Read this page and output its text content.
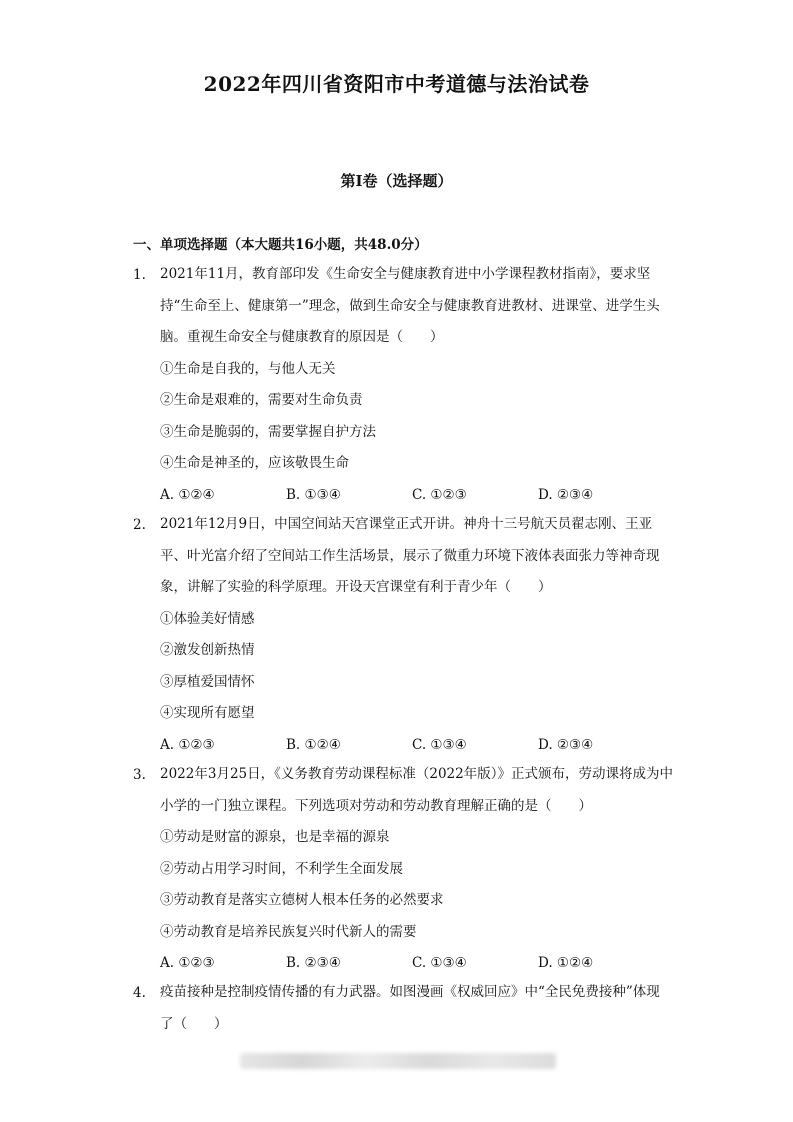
2022年四川省资阳市中考道德与法治试卷
第I卷（选择题）
一、单项选择题（本大题共16小题，共48.0分）
1.	2021年11月，教育部印发《生命安全与健康教育进中小学课程教材指南》，要求坚持“生命至上、健康第一”理念，做到生命安全与健康教育进教材、进课堂、进学生头脑。重视生命安全与健康教育的原因是（　　）
①生命是自我的，与他人无关
②生命是艰难的，需要对生命负责
③生命是脆弱的，需要掌握自护方法
④生命是神圣的，应该敬畏生命
A. ①②④	B. ①③④	C. ①②③	D. ②③④
2.	2021年12月9日，中国空间站天宫课堂正式开讲。神舟十三号航天员翟志刚、王亚平、叶光富介绍了空间站工作生活场景，展示了微重力环境下液体表面张力等神奇现象，讲解了实验的科学原理。开设天宫课堂有利于青少年（　　）
①体验美好情感
②激发创新热情
③厚植爱国情怀
④实现所有愿望
A. ①②③	B. ①②④	C. ①③④	D. ②③④
3.	2022年3月25日，《义务教育劳动课程标准（2022年版）》正式颁布，劳动课将成为中小学的一门独立课程。下列选项对劳动和劳动教育理解正确的是（　　）
①劳动是财富的源泉，也是幸福的源泉
②劳动占用学习时间，不利学生全面发展
③劳动教育是落实立德树人根本任务的必然要求
④劳动教育是培养民族复兴时代新人的需要
A. ①②③	B. ②③④	C. ①③④	D. ①②④
4.	疫苗接种是控制疫情传播的有力武器。如图漫画《权威回应》中“全民免费接种”体现了（　　）
